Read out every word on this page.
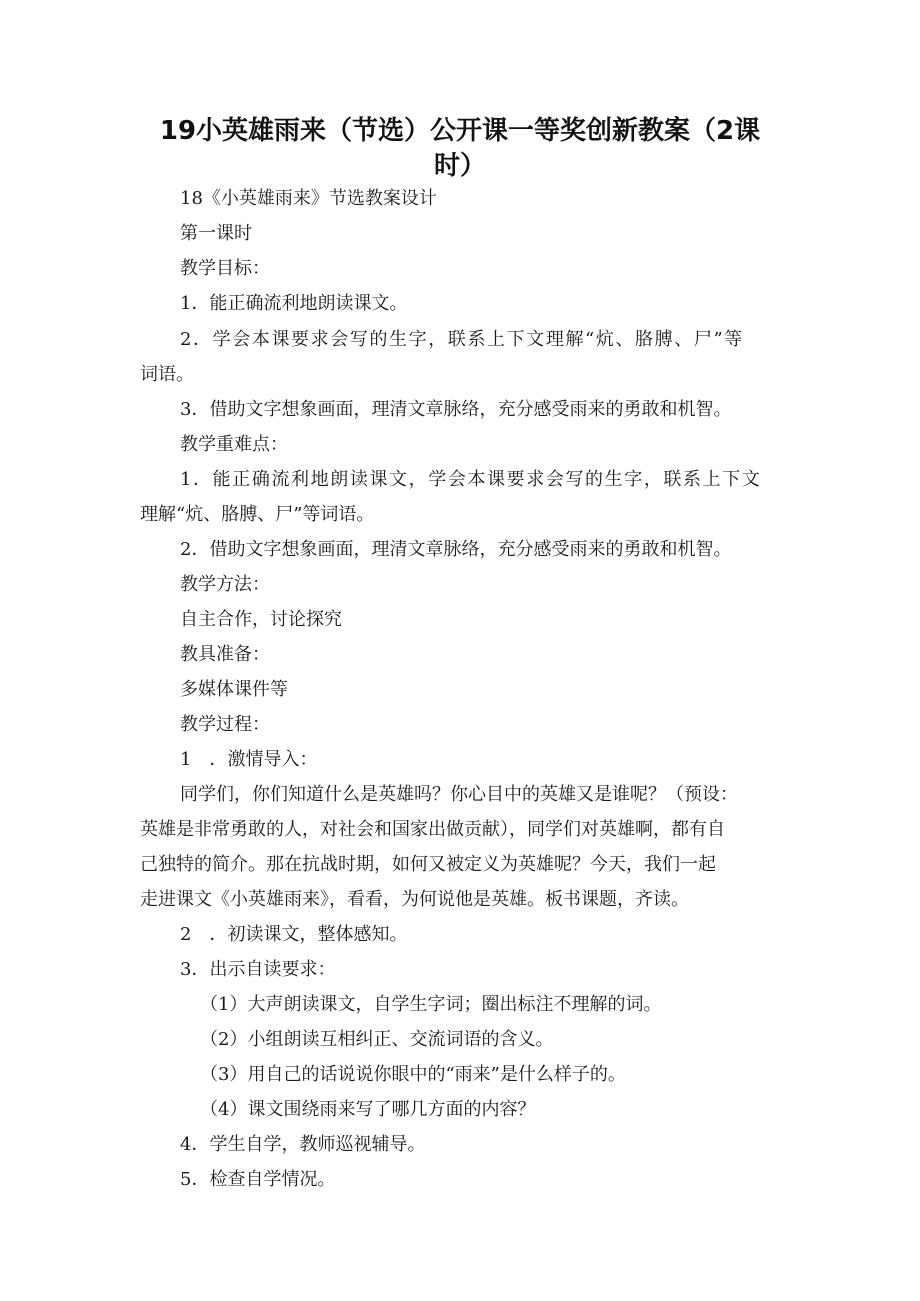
19小英雄雨来（节选）公开课一等奖创新教案（2课
时）

18《小英雄雨来》节选教案设计

第一课时

教学目标：

1．能正确流利地朗读课文。

2．学会本课要求会写的生字，联系上下文理解“炕、胳膊、尸”等

词语。

3．借助文字想象画面，理清文章脉络，充分感受雨来的勇敢和机智。

教学重难点：

1．能正确流利地朗读课文，学会本课要求会写的生字，联系上下文

理解“炕、胳膊、尸”等词语。

2．借助文字想象画面，理清文章脉络，充分感受雨来的勇敢和机智。

教学方法：

自主合作，讨论探究

教具准备：

多媒体课件等

教学过程：

1　．激情导入：

同学们，你们知道什么是英雄吗？你心目中的英雄又是谁呢？（预设：

英雄是非常勇敢的人，对社会和国家出做贡献），同学们对英雄啊，都有自

己独特的简介。那在抗战时期，如何又被定义为英雄呢？今天，我们一起

走进课文《小英雄雨来》，看看，为何说他是英雄。板书课题，齐读。

2　．初读课文，整体感知。

3．出示自读要求：

（1）大声朗读课文，自学生字词；圈出标注不理解的词。

（2）小组朗读互相纠正、交流词语的含义。

（3）用自己的话说说你眼中的“雨来”是什么样子的。

（4）课文围绕雨来写了哪几方面的内容？

4．学生自学，教师巡视辅导。

5．检查自学情况。
